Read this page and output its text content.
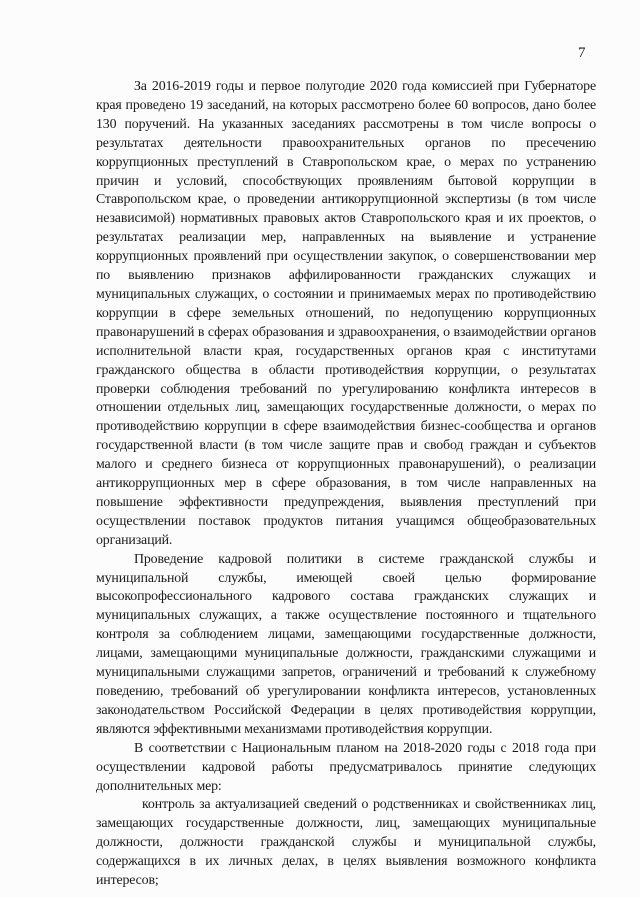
7

За 2016-2019 годы и первое полугодие 2020 года комиссией при Губернаторе края проведено 19 заседаний, на которых рассмотрено более 60 вопросов, дано более 130 поручений. На указанных заседаниях рассмотрены в том числе вопросы о результатах деятельности правоохранительных органов по пресечению коррупционных преступлений в Ставропольском крае, о мерах по устранению причин и условий, способствующих проявлениям бытовой коррупции в Ставропольском крае, о проведении антикоррупционной экспертизы (в том числе независимой) нормативных правовых актов Ставропольского края и их проектов, о результатах реализации мер, направленных на выявление и устранение коррупционных проявлений при осуществлении закупок, о совершенствовании мер по выявлению признаков аффилированности гражданских служащих и муниципальных служащих, о состоянии и принимаемых мерах по противодействию коррупции в сфере земельных отношений, по недопущению коррупционных правонарушений в сферах образования и здравоохранения, о взаимодействии органов исполнительной власти края, государственных органов края с институтами гражданского общества в области противодействия коррупции, о результатах проверки соблюдения требований по урегулированию конфликта интересов в отношении отдельных лиц, замещающих государственные должности, о мерах по противодействию коррупции в сфере взаимодействия бизнес-сообщества и органов государственной власти (в том числе защите прав и свобод граждан и субъектов малого и среднего бизнеса от коррупционных правонарушений), о реализации антикоррупционных мер в сфере образования, в том числе направленных на повышение эффективности предупреждения, выявления преступлений при осуществлении поставок продуктов питания учащимся общеобразовательных организаций.

Проведение кадровой политики в системе гражданской службы и муниципальной службы, имеющей своей целью формирование высокопрофессионального кадрового состава гражданских служащих и муниципальных служащих, а также осуществление постоянного и тщательного контроля за соблюдением лицами, замещающими государственные должности, лицами, замещающими муниципальные должности, гражданскими служащими и муниципальными служащими запретов, ограничений и требований к служебному поведению, требований об урегулировании конфликта интересов, установленных законодательством Российской Федерации в целях противодействия коррупции, являются эффективными механизмами противодействия коррупции.

В соответствии с Национальным планом на 2018-2020 годы с 2018 года при осуществлении кадровой работы предусматривалось принятие следующих дополнительных мер:

контроль за актуализацией сведений о родственниках и свойственниках лиц, замещающих государственные должности, лиц, замещающих муниципальные должности, должности гражданской службы и муниципальной службы, содержащихся в их личных делах, в целях выявления возможного конфликта интересов;
